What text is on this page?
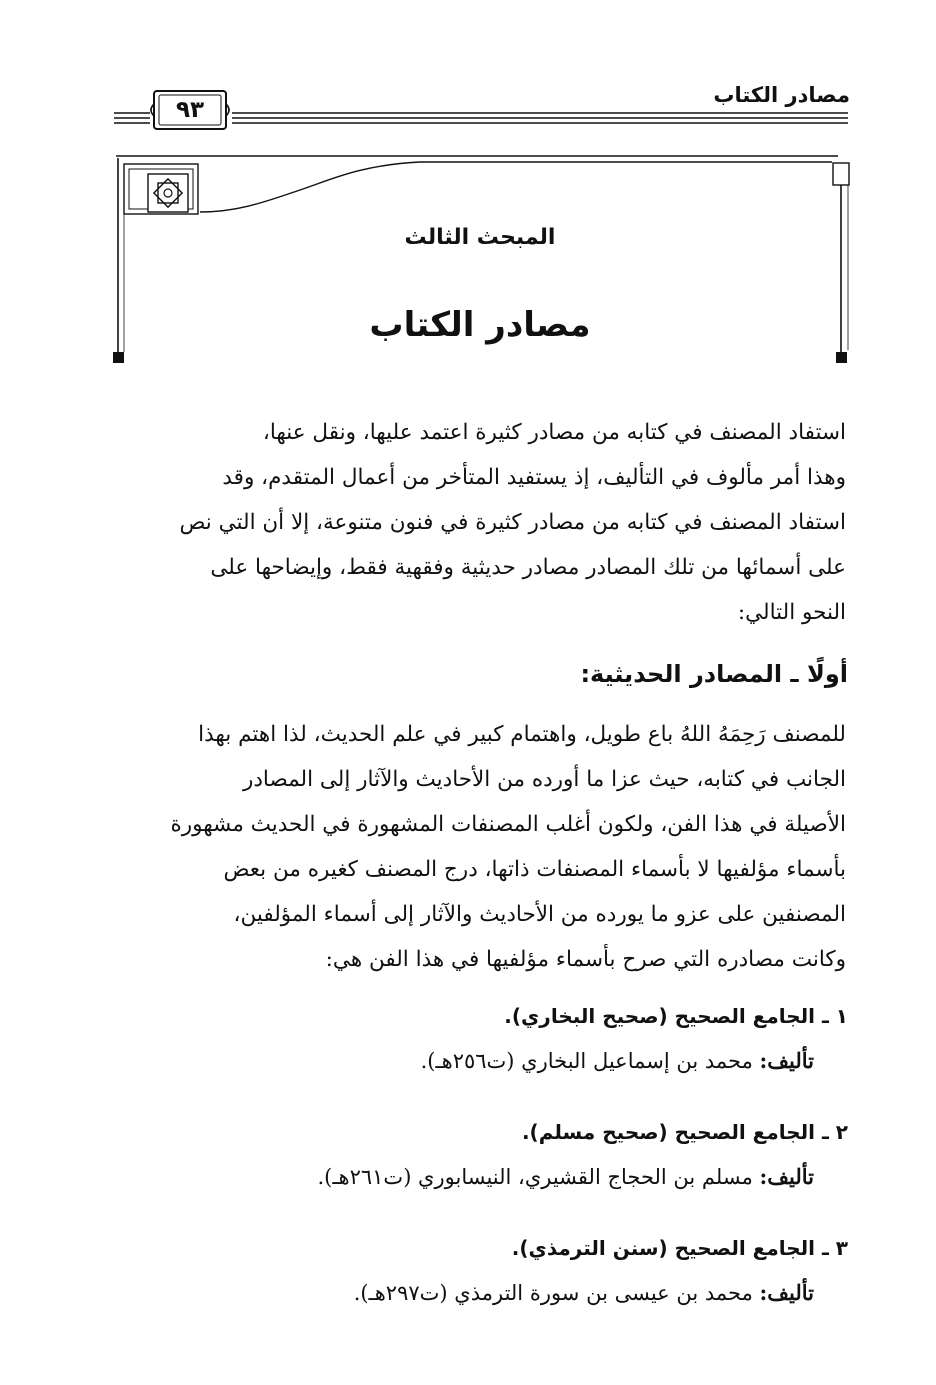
مصادر الكتاب
٩٣
المبحث الثالث
مصادر الكتاب
استفاد المصنف في كتابه من مصادر كثيرة اعتمد عليها، ونقل عنها،
وهذا أمر مألوف في التأليف، إذ يستفيد المتأخر من أعمال المتقدم، وقد
استفاد المصنف في كتابه من مصادر كثيرة في فنون متنوعة، إلا أن التي نص
على أسمائها من تلك المصادر مصادر حديثية وفقهية فقط، وإيضاحها على
النحو التالي:
أولًا ـ المصادر الحديثية:
للمصنف رَحِمَهُ اللهُ باع طويل، واهتمام كبير في علم الحديث، لذا اهتم بهذا
الجانب في كتابه، حيث عزا ما أورده من الأحاديث والآثار إلى المصادر
الأصيلة في هذا الفن، ولكون أغلب المصنفات المشهورة في الحديث مشهورة
بأسماء مؤلفيها لا بأسماء المصنفات ذاتها، درج المصنف كغيره من بعض
المصنفين على عزو ما يورده من الأحاديث والآثار إلى أسماء المؤلفين،
وكانت مصادره التي صرح بأسماء مؤلفيها في هذا الفن هي:
١ ـ الجامع الصحيح (صحيح البخاري).
تأليف: محمد بن إسماعيل البخاري (ت٢٥٦هـ).
٢ ـ الجامع الصحيح (صحيح مسلم).
تأليف: مسلم بن الحجاج القشيري، النيسابوري (ت٢٦١هـ).
٣ ـ الجامع الصحيح (سنن الترمذي).
تأليف: محمد بن عيسى بن سورة الترمذي (ت٢٩٧هـ).
